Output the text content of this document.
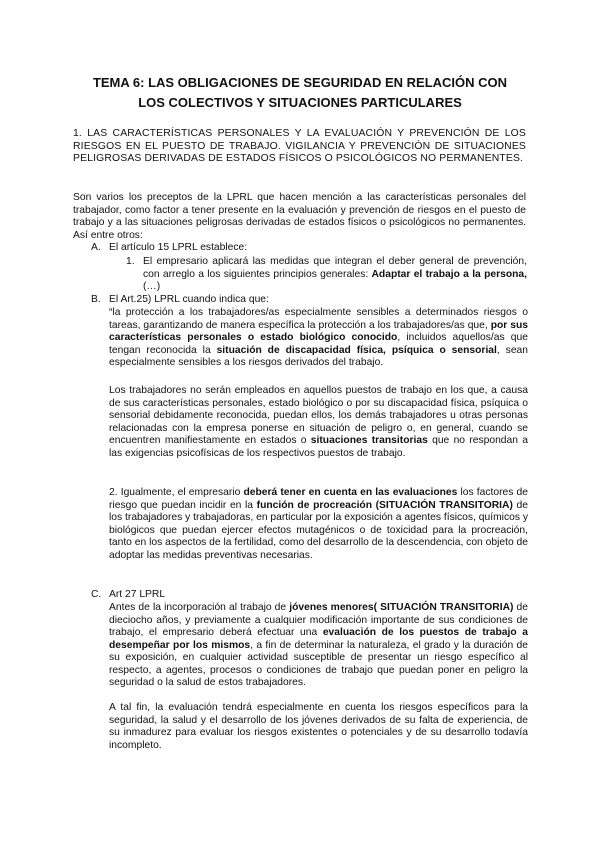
TEMA 6: LAS OBLIGACIONES DE SEGURIDAD EN RELACIÓN CON
LOS COLECTIVOS Y SITUACIONES PARTICULARES
1. LAS CARACTERÍSTICAS PERSONALES Y LA EVALUACIÓN Y PREVENCIÓN DE LOS RIESGOS EN EL PUESTO DE TRABAJO. VIGILANCIA Y PREVENCIÓN DE SITUACIONES PELIGROSAS DERIVADAS DE ESTADOS FÍSICOS O PSICOLÓGICOS NO PERMANENTES.
Son varios los preceptos de la LPRL que hacen mención a las características personales del trabajador, como factor a tener presente en la evaluación y prevención de riesgos en el puesto de trabajo y a las situaciones peligrosas derivadas de estados físicos o psicológicos no permanentes. Así entre otros:
A. El artículo 15 LPRL establece:
1. El empresario aplicará las medidas que integran el deber general de prevención, con arreglo a los siguientes principios generales: Adaptar el trabajo a la persona, (…)
B. El Art.25) LPRL cuando indica que:
“la protección a los trabajadores/as especialmente sensibles a determinados riesgos o tareas, garantizando de manera específica la protección a los trabajadores/as que, por sus características personales o estado biológico conocido, incluidos aquellos/as que tengan reconocida la situación de discapacidad física, psíquica o sensorial, sean especialmente sensibles a los riesgos derivados del trabajo.
Los trabajadores no serán empleados en aquellos puestos de trabajo en los que, a causa de sus características personales, estado biológico o por su discapacidad física, psíquica o sensorial debidamente reconocida, puedan ellos, los demás trabajadores u otras personas relacionadas con la empresa ponerse en situación de peligro o, en general, cuando se encuentren manifiestamente en estados o situaciones transitorias que no respondan a las exigencias psicofísicas de los respectivos puestos de trabajo.
2. Igualmente, el empresario deberá tener en cuenta en las evaluaciones los factores de riesgo que puedan incidir en la función de procreación (SITUACIÓN TRANSITORIA) de los trabajadores y trabajadoras, en particular por la exposición a agentes físicos, químicos y biológicos que puedan ejercer efectos mutagénicos o de toxicidad para la procreación, tanto en los aspectos de la fertilidad, como del desarrollo de la descendencia, con objeto de adoptar las medidas preventivas necesarias.
C. Art 27 LPRL
Antes de la incorporación al trabajo de jóvenes menores( SITUACIÓN TRANSITORIA) de dieciocho años, y previamente a cualquier modificación importante de sus condiciones de trabajo, el empresario deberá efectuar una evaluación de los puestos de trabajo a desempeñar por los mismos, a fin de determinar la naturaleza, el grado y la duración de su exposición, en cualquier actividad susceptible de presentar un riesgo específico al respecto, a agentes, procesos o condiciones de trabajo que puedan poner en peligro la seguridad o la salud de estos trabajadores.
A tal fin, la evaluación tendrá especialmente en cuenta los riesgos específicos para la seguridad, la salud y el desarrollo de los jóvenes derivados de su falta de experiencia, de su inmadurez para evaluar los riesgos existentes o potenciales y de su desarrollo todavía incompleto.
